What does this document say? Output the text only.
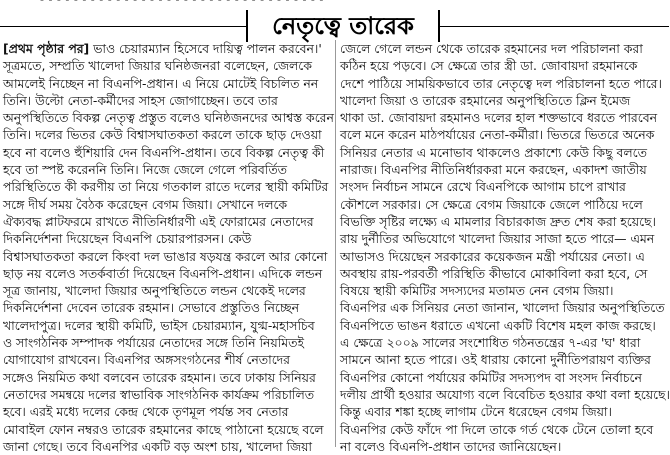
নেতৃত্বে তারেক
[প্রথম পৃষ্ঠার পর] ভাও চেয়ারম্যান হিসেবে দায়িত্ব পালন করবেন।'
সূত্রমতে, সম্প্রতি খালেদা জিয়ার ঘনিষ্ঠজনরা বলেছেন, জেলকে
আমলেই নিচ্ছেন না বিএনপি-প্রধান। এ নিয়ে মোটেই বিচলিত নন
তিনি। উল্টো নেতা-কর্মীদের সাহস জোগাচ্ছেন। তবে তার
অনুপস্থিতিতে বিকল্প নেতৃত্ব প্রস্তুত বলেও ঘনিষ্ঠজনদের আশ্বস্ত করেন
তিনি। দলের ভিতর কেউ বিশ্বাসঘাতকতা করলে তাকে ছাড় দেওয়া
হবে না বলেও হুঁশিয়ারি দেন বিএনপি-প্রধান। তবে বিকল্প নেতৃত্ব কী
হবে তা স্পষ্ট করেননি তিনি। নিজে জেলে গেলে পরিবর্তিত
পরিস্থিতিতে কী করণীয় তা নিয়ে গতকাল রাতে দলের স্থায়ী কমিটির
সঙ্গে দীর্ঘ সময় বৈঠক করেছেন বেগম জিয়া। সেখানে দলকে
ঐক্যবদ্ধ প্লাটফরমে রাখতে নীতিনির্ধারণী এই ফোরামের নেতাদের
দিকনির্দেশনা দিয়েছেন বিএনপি চেয়ারপারসন। কেউ
বিশ্বাসঘাতকতা করলে কিংবা দল ভাঙার ষড়যন্ত্র করলে আর কোনো
ছাড় নয় বলেও সতর্কবার্তা দিয়েছেন বিএনপি-প্রধান। এদিকে লন্ডন
সূত্র জানায়, খালেদা জিয়ার অনুপস্থিতিতে লন্ডন থেকেই দলের
দিকনির্দেশনা দেবেন তারেক রহমান। সেভাবে প্রস্তুতিও নিচ্ছেন
খালেদাপুত্র। দলের স্থায়ী কমিটি, ভাইস চেয়ারম্যান, যুগ্ম-মহাসচিব
ও সাংগঠনিক সম্পাদক পর্যায়ের নেতাদের সঙ্গে তিনি নিয়মিতই
যোগাযোগ রাখবেন। বিএনপির অঙ্গসংগঠনের শীর্ষ নেতাদের
সঙ্গেও নিয়মিত কথা বলবেন তারেক রহমান। তবে ঢাকায় সিনিয়র
নেতাদের সমন্বয়ে দলের স্বাভাবিক সাংগঠনিক কার্যক্রম পরিচালিত
হবে। এরই মধ্যে দলের কেন্দ্র থেকে তৃণমূল পর্যন্ত সব নেতার
মোবাইল ফোন নম্বরও তারেক রহমানের কাছে পাঠানো হয়েছে বলে
জানা গেছে। তবে বিএনপির একটি বড় অংশ চায়, খালেদা জিয়া
জেলে গেলে লন্ডন থেকে তারেক রহমানের দল পরিচালনা করা
কঠিন হয়ে পড়বে। সে ক্ষেত্রে তার স্ত্রী ডা. জোবায়দা রহমানকে
দেশে পাঠিয়ে সাময়িকভাবে তার নেতৃত্বে দল পরিচালনা হতে পারে।
খালেদা জিয়া ও তারেক রহমানের অনুপস্থিতিতে ক্লিন ইমেজ
থাকা ডা. জোবায়দা রহমানও দলের হাল শক্তভাবে ধরতে পারবেন
বলে মনে করেন মাঠপর্যায়ের নেতা-কর্মীরা। ভিতরে ভিতরে অনেক
সিনিয়র নেতার এ মনোভাব থাকলেও প্রকাশ্যে কেউ কিছু বলতে
নারাজ। বিএনপির নীতিনির্ধারকরা মনে করছেন, একাদশ জাতীয়
সংসদ নির্বাচন সামনে রেখে বিএনপিকে আগাম চাপে রাখার
কৌশলে সরকার। সে ক্ষেত্রে বেগম জিয়াকে জেলে পাঠিয়ে দলে
বিভক্তি সৃষ্টির লক্ষ্যে এ মামলার বিচারকাজ দ্রুত শেষ করা হয়েছে।
রায় দুর্নীতির অভিযোগে খালেদা জিয়ার সাজা হতে পারে— এমন
আভাসও দিয়েছেন সরকারের কয়েকজন মন্ত্রী পর্যায়ের নেতা। এ
অবস্থায় রায়-পরবর্তী পরিস্থিতি কীভাবে মোকাবিলা করা হবে, সে
বিষয়ে স্থায়ী কমিটির সদস্যদের মতামত নেন বেগম জিয়া।
বিএনপির এক সিনিয়র নেতা জানান, খালেদা জিয়ার অনুপস্থিতিতে
বিএনপিতে ভাঙন ধরাতে এখনো একটি বিশেষ মহল কাজ করছে।
এ ক্ষেত্রে ২০০৯ সালের সংশোধিত গঠনতন্ত্রের ৭-এর 'ঘ' ধারা
সামনে আনা হতে পারে। ওই ধারায় কোনো দুর্নীতিপরায়ণ ব্যক্তির
বিএনপির কোনো পর্যায়ের কমিটির সদস্যপদ বা সংসদ নির্বাচনে
দলীয় প্রার্থী হওয়ার অযোগ্য বলে বিবেচিত হওয়ার কথা বলা হয়েছে।
কিন্তু এবার শঙ্কা হচ্ছে লাগাম টেনে ধরেছেন বেগম জিয়া।
বিএনপির কেউ ফাঁদে পা দিলে তাকে গর্ত থেকে টেনে তোলা হবে
না বলেও বিএনপি-প্রধান তাদের জানিয়েছেন।
